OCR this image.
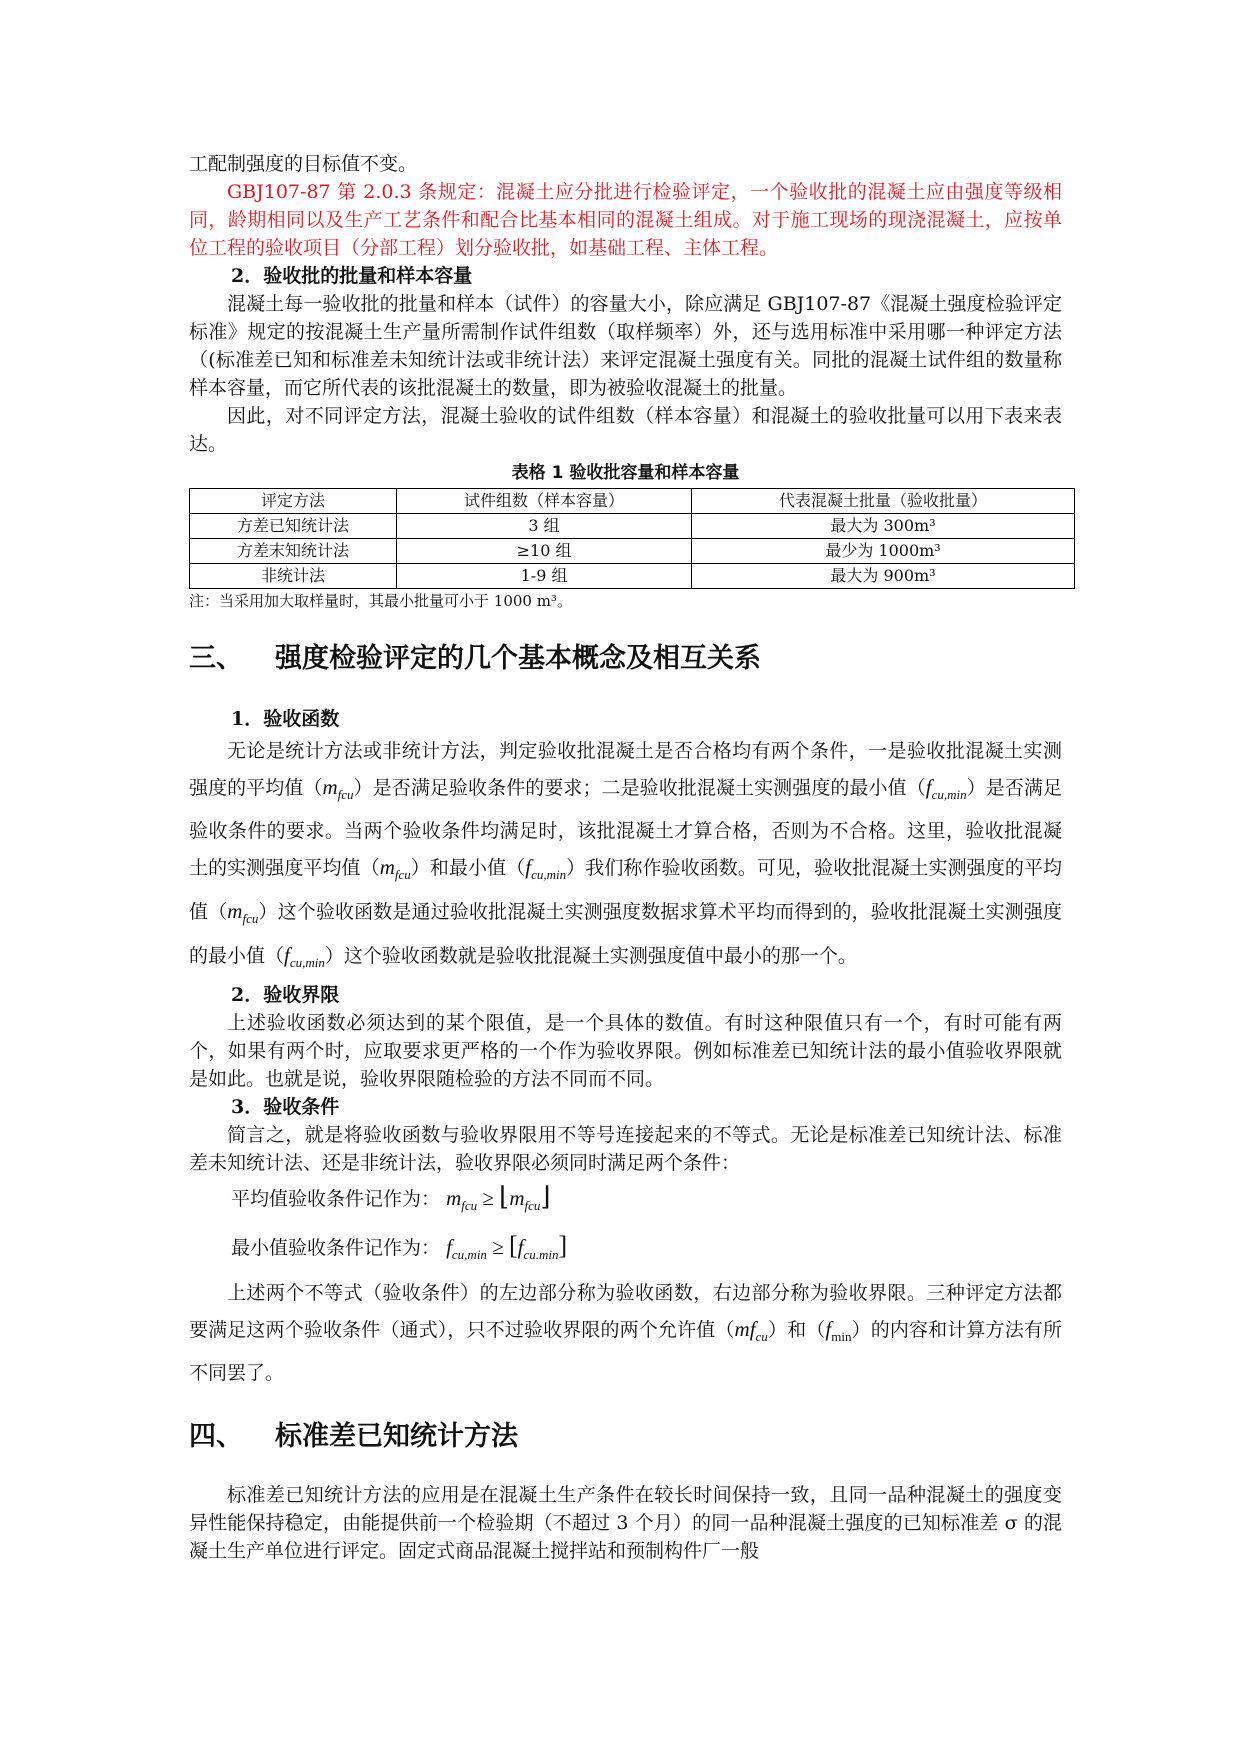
工配制强度的目标值不变。

GBJ107-87 第 2.0.3 条规定：混凝土应分批进行检验评定，一个验收批的混凝土应由强度等级相同，龄期相同以及生产工艺条件和配合比基本相同的混凝土组成。对于施工现场的现浇混凝土，应按单位工程的验收项目（分部工程）划分验收批，如基础工程、主体工程。

2．验收批的批量和样本容量

混凝土每一验收批的批量和样本（试件）的容量大小，除应满足 GBJ107-87《混凝土强度检验评定标准》规定的按混凝土生产量所需制作试件组数（取样频率）外，还与选用标准中采用哪一种评定方法（(标准差已知和标准差未知统计法或非统计法）来评定混凝土强度有关。同批的混凝土试件组的数量称样本容量，而它所代表的该批混凝土的数量，即为被验收混凝土的批量。

因此，对不同评定方法，混凝土验收的试件组数（样本容量）和混凝土的验收批量可以用下表来表达。

表格 1 验收批容量和样本容量
评定方法	试件组数（样本容量）	代表混凝土批量（验收批量）
方差已知统计法	3 组	最大为 300m³
方差末知统计法	≥10 组	最少为 1000m³
非统计法	1-9 组	最大为 900m³

注：当采用加大取样量时，其最小批量可小于 1000 m³。

三、 强度检验评定的几个基本概念及相互关系

1．验收函数

无论是统计方法或非统计方法，判定验收批混凝土是否合格均有两个条件，一是验收批混凝土实测强度的平均值$(m_{fcu})$是否满足验收条件的要求；二是验收批混凝土实测强度的最小值$(f_{cu,min})$是否满足验收条件的要求。当两个验收条件均满足时，该批混凝土才算合格，否则为不合格。这里，验收批混凝土的实测强度平均值$(m_{fcu})$和最小值$(f_{cu,min})$我们称作验收函数。可见，验收批混凝土实测强度的平均值$(m_{fcu})$这个验收函数是通过验收批混凝土实测强度数据求算术平均而得到的，验收批混凝土实测强度的最小值$(f_{cu,min})$这个验收函数就是验收批混凝土实测强度值中最小的那一个。

2．验收界限

上述验收函数必须达到的某个限值，是一个具体的数值。有时这种限值只有一个，有时可能有两个，如果有两个时，应取要求更严格的一个作为验收界限。例如标准差已知统计法的最小值验收界限就是如此。也就是说，验收界限随检验的方法不同而不同。

3．验收条件

简言之，就是将验收函数与验收界限用不等号连接起来的不等式。无论是标准差已知统计法、标准差未知统计法、还是非统计法，验收界限必须同时满足两个条件：

平均值验收条件记作为： $m_{fcu}$ ≥ $⌊m_{fcu}⌋$
最小值验收条件记作为： $f_{cu,min} \ge [f_{cu.min}]$

上述两个不等式（验收条件）的左边部分称为验收函数，右边部分称为验收界限。三种评定方法都要满足这两个验收条件（通式），只不过验收界限的两个允许值$(mf_{cu})$和$(f_{min})$的内容和计算方法有所不同罢了。

四、 标准差已知统计方法

标准差已知统计方法的应用是在混凝土生产条件在较长时间保持一致，且同一品种混凝土的强度变异性能保持稳定，由能提供前一个检验期（不超过 3 个月）的同一品种混凝土强度的已知标准差 σ 的混凝土生产单位进行评定。固定式商品混凝土搅拌站和预制构件厂一般
